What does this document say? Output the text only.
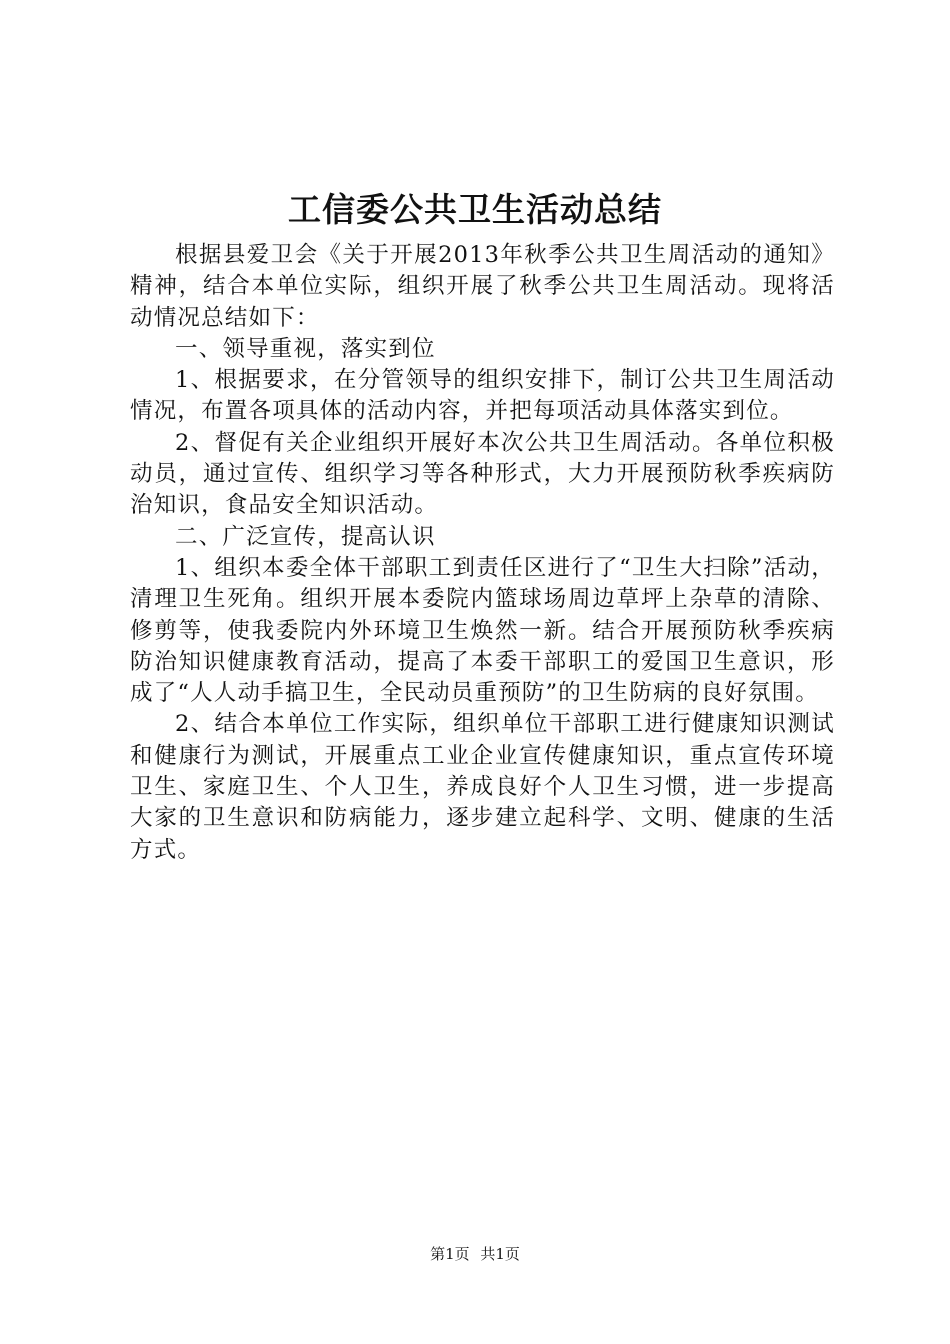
工信委公共卫生活动总结

根据县爱卫会《关于开展2013年秋季公共卫生周活动的通知》精神，结合本单位实际，组织开展了秋季公共卫生周活动。现将活动情况总结如下：

一、领导重视，落实到位

1、根据要求，在分管领导的组织安排下，制订公共卫生周活动情况，布置各项具体的活动内容，并把每项活动具体落实到位。

2、督促有关企业组织开展好本次公共卫生周活动。各单位积极动员，通过宣传、组织学习等各种形式，大力开展预防秋季疾病防治知识，食品安全知识活动。

二、广泛宣传，提高认识

1、组织本委全体干部职工到责任区进行了“卫生大扫除”活动，清理卫生死角。组织开展本委院内篮球场周边草坪上杂草的清除、修剪等，使我委院内外环境卫生焕然一新。结合开展预防秋季疾病防治知识健康教育活动，提高了本委干部职工的爱国卫生意识，形成了“人人动手搞卫生，全民动员重预防”的卫生防病的良好氛围。

2、结合本单位工作实际，组织单位干部职工进行健康知识测试和健康行为测试，开展重点工业企业宣传健康知识，重点宣传环境卫生、家庭卫生、个人卫生，养成良好个人卫生习惯，进一步提高大家的卫生意识和防病能力，逐步建立起科学、文明、健康的生活方式。

第1页 共1页
